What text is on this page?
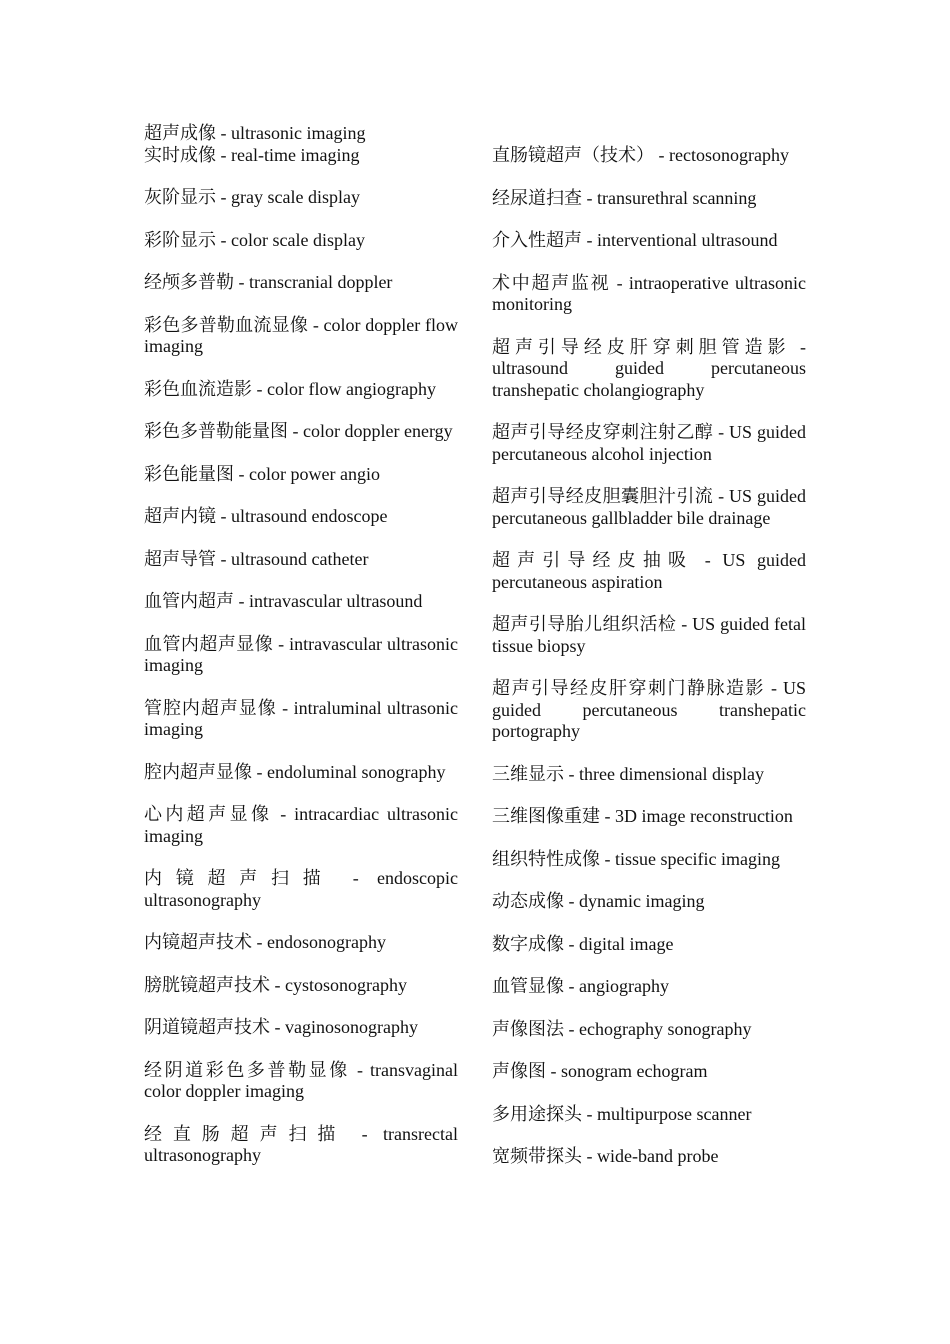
超声成像 - ultrasonic imaging
实时成像 - real-time imaging
灰阶显示 - gray scale display
彩阶显示 - color scale display
经颅多普勒 - transcranial doppler
彩色多普勒血流显像 - color doppler flow imaging
彩色血流造影 - color flow angiography
彩色多普勒能量图 - color doppler energy
彩色能量图 - color power angio
超声内镜 - ultrasound endoscope
超声导管 - ultrasound catheter
血管内超声 - intravascular ultrasound
血管内超声显像 - intravascular ultrasonic imaging
管腔内超声显像 - intraluminal ultrasonic imaging
腔内超声显像 - endoluminal sonography
心内超声显像 - intracardiac ultrasonic imaging
内镜超声扫描 - endoscopic ultrasonography
内镜超声技术 - endosonography
膀胱镜超声技术 - cystosonography
阴道镜超声技术 - vaginosonography
经阴道彩色多普勒显像 - transvaginal color doppler imaging
经直肠超声扫描 - transrectal ultrasonography
直肠镜超声（技术） - rectosonography
经尿道扫查 - transurethral scanning
介入性超声 - interventional ultrasound
术中超声监视 - intraoperative ultrasonic monitoring
超声引导经皮肝穿刺胆管造影 - ultrasound guided percutaneous transhepatic cholangiography
超声引导经皮穿刺注射乙醇 - US guided percutaneous alcohol injection
超声引导经皮胆囊胆汁引流 - US guided percutaneous gallbladder bile drainage
超声引导经皮抽吸 - US guided percutaneous aspiration
超声引导胎儿组织活检 - US guided fetal tissue biopsy
超声引导经皮肝穿刺门静脉造影 - US guided percutaneous transhepatic portography
三维显示 - three dimensional display
三维图像重建 - 3D image reconstruction
组织特性成像 - tissue specific imaging
动态成像 - dynamic imaging
数字成像 - digital image
血管显像 - angiography
声像图法 - echography sonography
声像图 - sonogram echogram
多用途探头 - multipurpose scanner
宽频带探头 - wide-band probe
